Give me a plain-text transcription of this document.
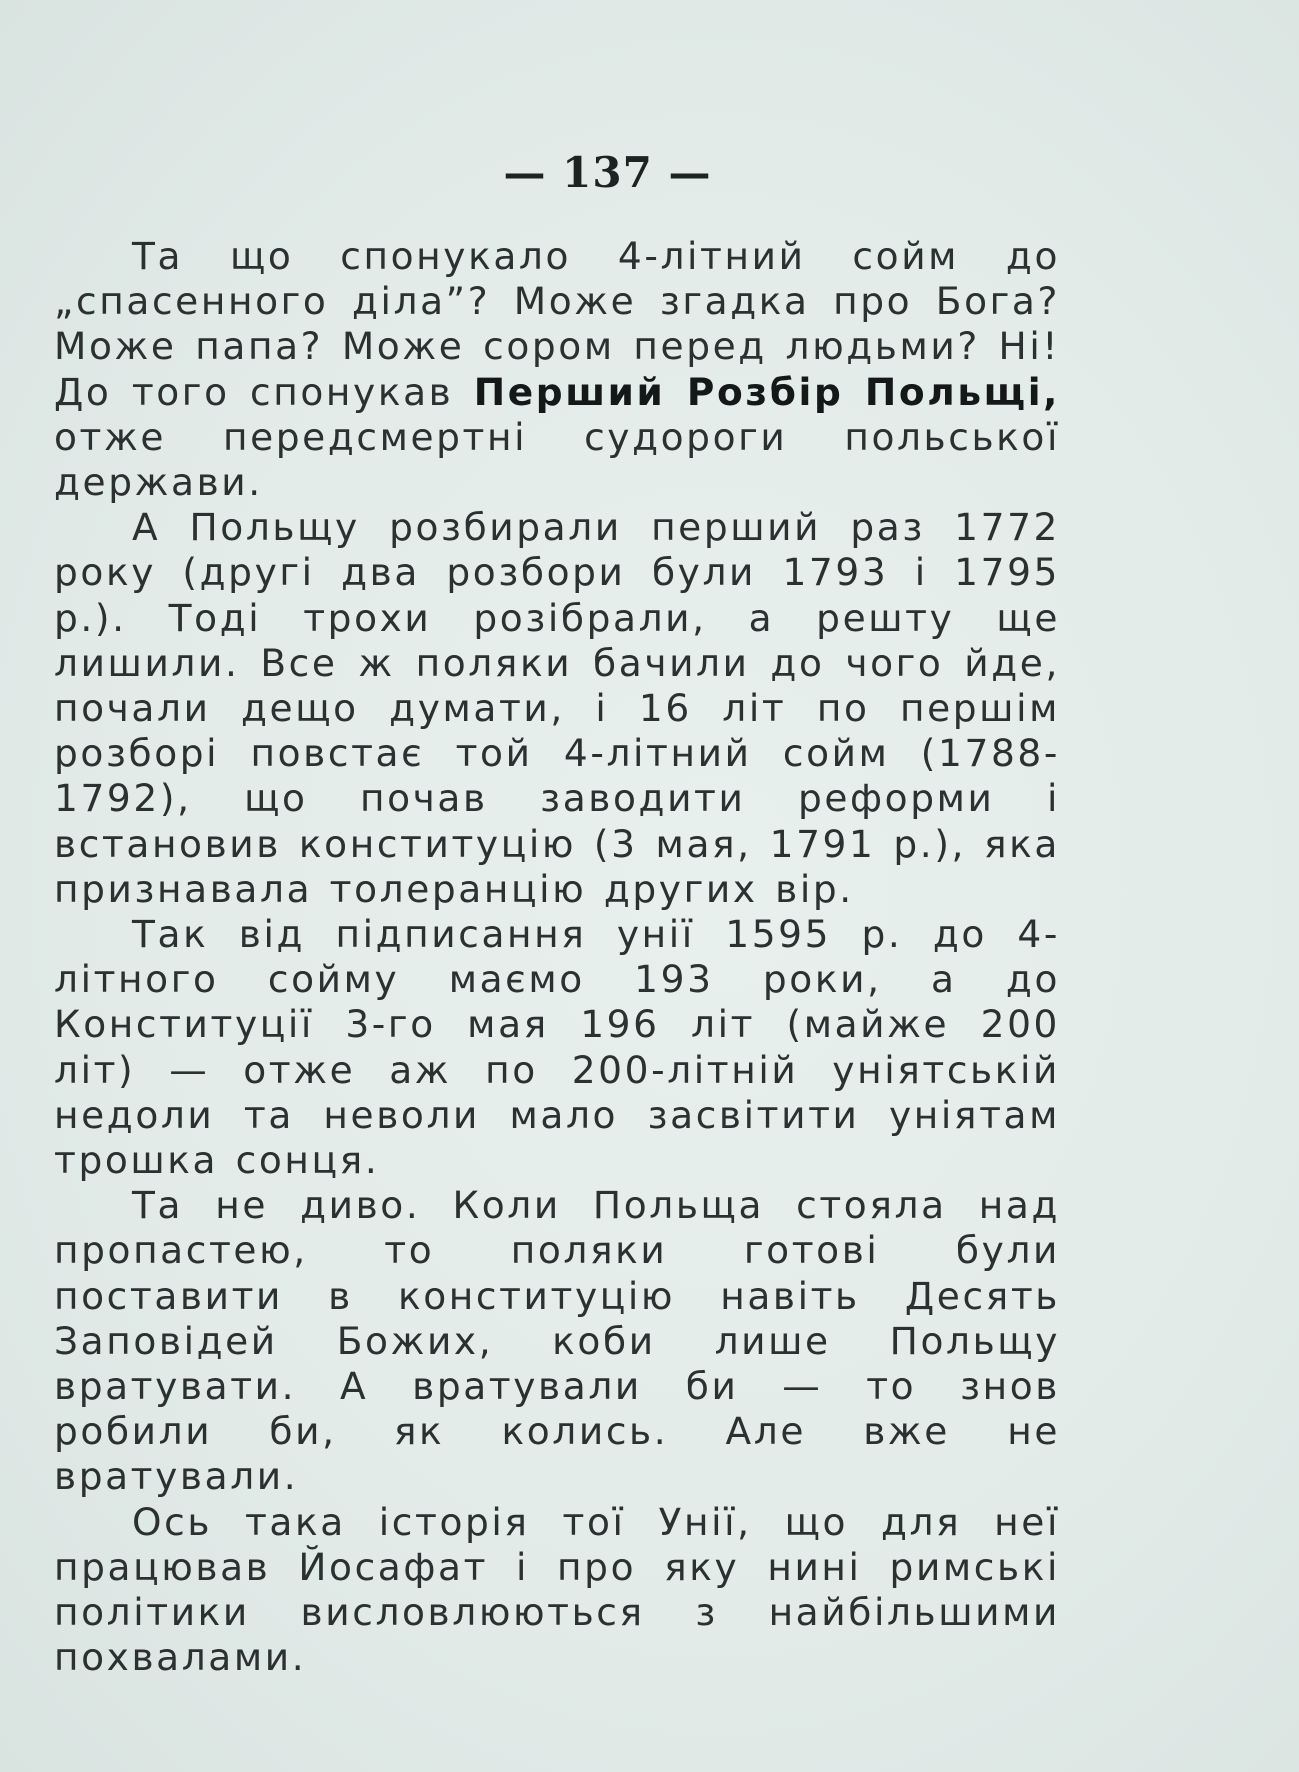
— 137 —

Та що спонукало 4-літний сойм до „спасенного діла”? Може згадка про Бога? Може папа? Може сором перед людьми? Ні! До того спонукав Перший Розбір Польщі, отже передсмертні судороги польської держави.

А Польщу розбирали перший раз 1772 року (другі два розбори були 1793 і 1795 р.). Тоді трохи розібрали, а решту ще лишили. Все ж поляки бачили до чого йде, почали дещо думати, і 16 літ по першім розборі повстає той 4-літний сойм (1788-1792), що почав заводити реформи і встановив конституцію (3 мая, 1791 р.), яка признавала толеранцію других вір.

Так від підписання унії 1595 р. до 4-літного сойму маємо 193 роки, а до Конституції 3-го мая 196 літ (майже 200 літ) — отже аж по 200-літній уніятській недоли та неволи мало засвітити уніятам трошка сонця.

Та не диво. Коли Польща стояла над пропастею, то поляки готові були поставити в конституцію навіть Десять Заповідей Божих, коби лише Польщу вратувати. А вратували би — то знов робили би, як колись. Але вже не вратували.

Ось така історія тої Унії, що для неї працював Йосафат і про яку нині римські політики висловлюються з найбільшими похвалами.
